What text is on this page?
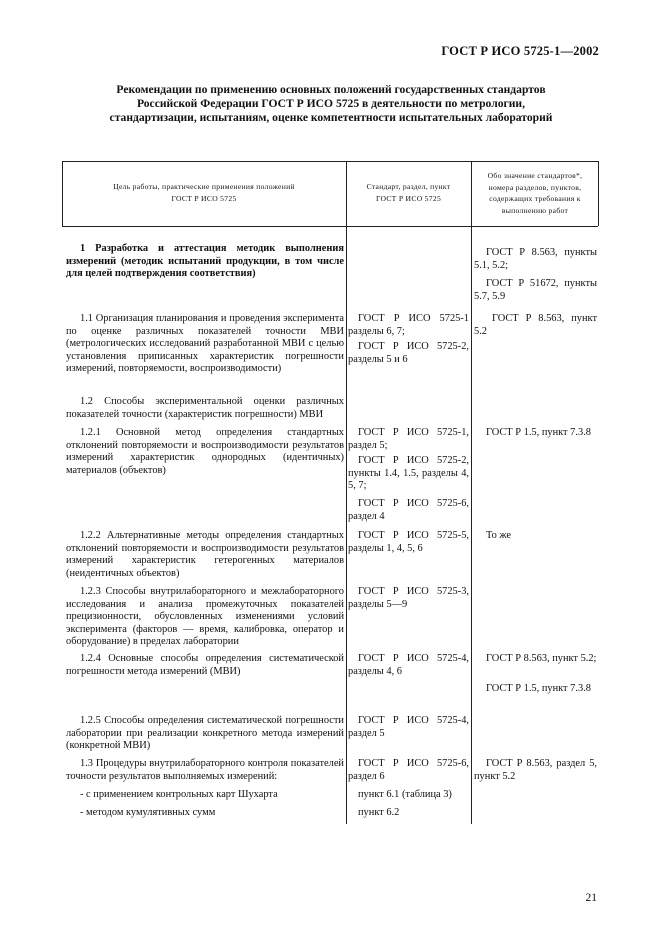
ГОСТ Р ИСО 5725-1—2002
Рекомендации по применению основных положений государственных стандартов
Российской Федерации ГОСТ Р ИСО 5725 в деятельности по метрологии,
стандартизации, испытаниям, оценке компетентности испытательных лабораторий
Цель работы, практические применения положений
ГОСТ Р ИСО 5725
Стандарт, раздел, пункт
ГОСТ Р ИСО 5725
Обо значение стандартов*,
номера разделов, пунктов,
содержащих требования к
выполнению работ
1 Разработка и аттестация методик выполнения измерений (методик испытаний продукции, в том числе для целей подтверждения соответствия)
ГОСТ Р 8.563, пункты 5.1, 5.2;
ГОСТ Р 51672, пункты 5.7, 5.9
1.1 Организация планирования и проведения эксперимента по оценке различных показателей точности МВИ (метрологических исследований разработанной МВИ с целью установления приписанных характеристик погрешности измерений, повторяемости, воспроизводимости)
ГОСТ Р ИСО 5725-1 разделы 6, 7;
ГОСТ Р ИСО 5725-2, разделы 5 и 6
ГОСТ Р 8.563, пункт 5.2
1.2 Способы экспериментальной оценки различных показателей точности (характеристик погрешности) МВИ
1.2.1 Основной метод определения стандартных отклонений повторяемости и воспроизводимости результатов измерений характеристик однородных (идентичных) материалов (объектов)
ГОСТ Р ИСО 5725-1, раздел 5;
ГОСТ Р ИСО 5725-2, пункты 1.4, 1.5, разделы 4, 5, 7;
ГОСТ Р ИСО 5725-6, раздел 4
ГОСТ Р 1.5, пункт 7.3.8
1.2.2 Альтернативные методы определения стандартных отклонений повторяемости и воспроизводимости результатов измерений характеристик гетерогенных материалов (неидентичных объектов)
ГОСТ Р ИСО 5725-5, разделы 1, 4, 5, 6
То же
1.2.3 Способы внутрилабораторного и межлабораторного исследования и анализа промежуточных показателей прецизионности, обусловленных изменениями условий эксперимента (факторов — время, калибровка, оператор и оборудование) в пределах лаборатории
ГОСТ Р ИСО 5725-3, разделы 5—9
1.2.4 Основные способы определения систематической погрешности метода измерений (МВИ)
ГОСТ Р ИСО 5725-4, разделы 4, 6
ГОСТ Р 8.563, пункт 5.2;
ГОСТ Р 1.5, пункт 7.3.8
1.2.5 Способы определения систематической погрешности лаборатории при реализации конкретного метода измерений (конкретной МВИ)
ГОСТ Р ИСО 5725-4, раздел 5
1.3 Процедуры внутрилабораторного контроля показателей точности результатов выполняемых измерений:
ГОСТ Р ИСО 5725-6, раздел 6
ГОСТ Р 8.563, раздел 5, пункт 5.2
- с применением контрольных карт Шухарта	пункт 6.1 (таблица 3)
- методом кумулятивных сумм	пункт 6.2
21
